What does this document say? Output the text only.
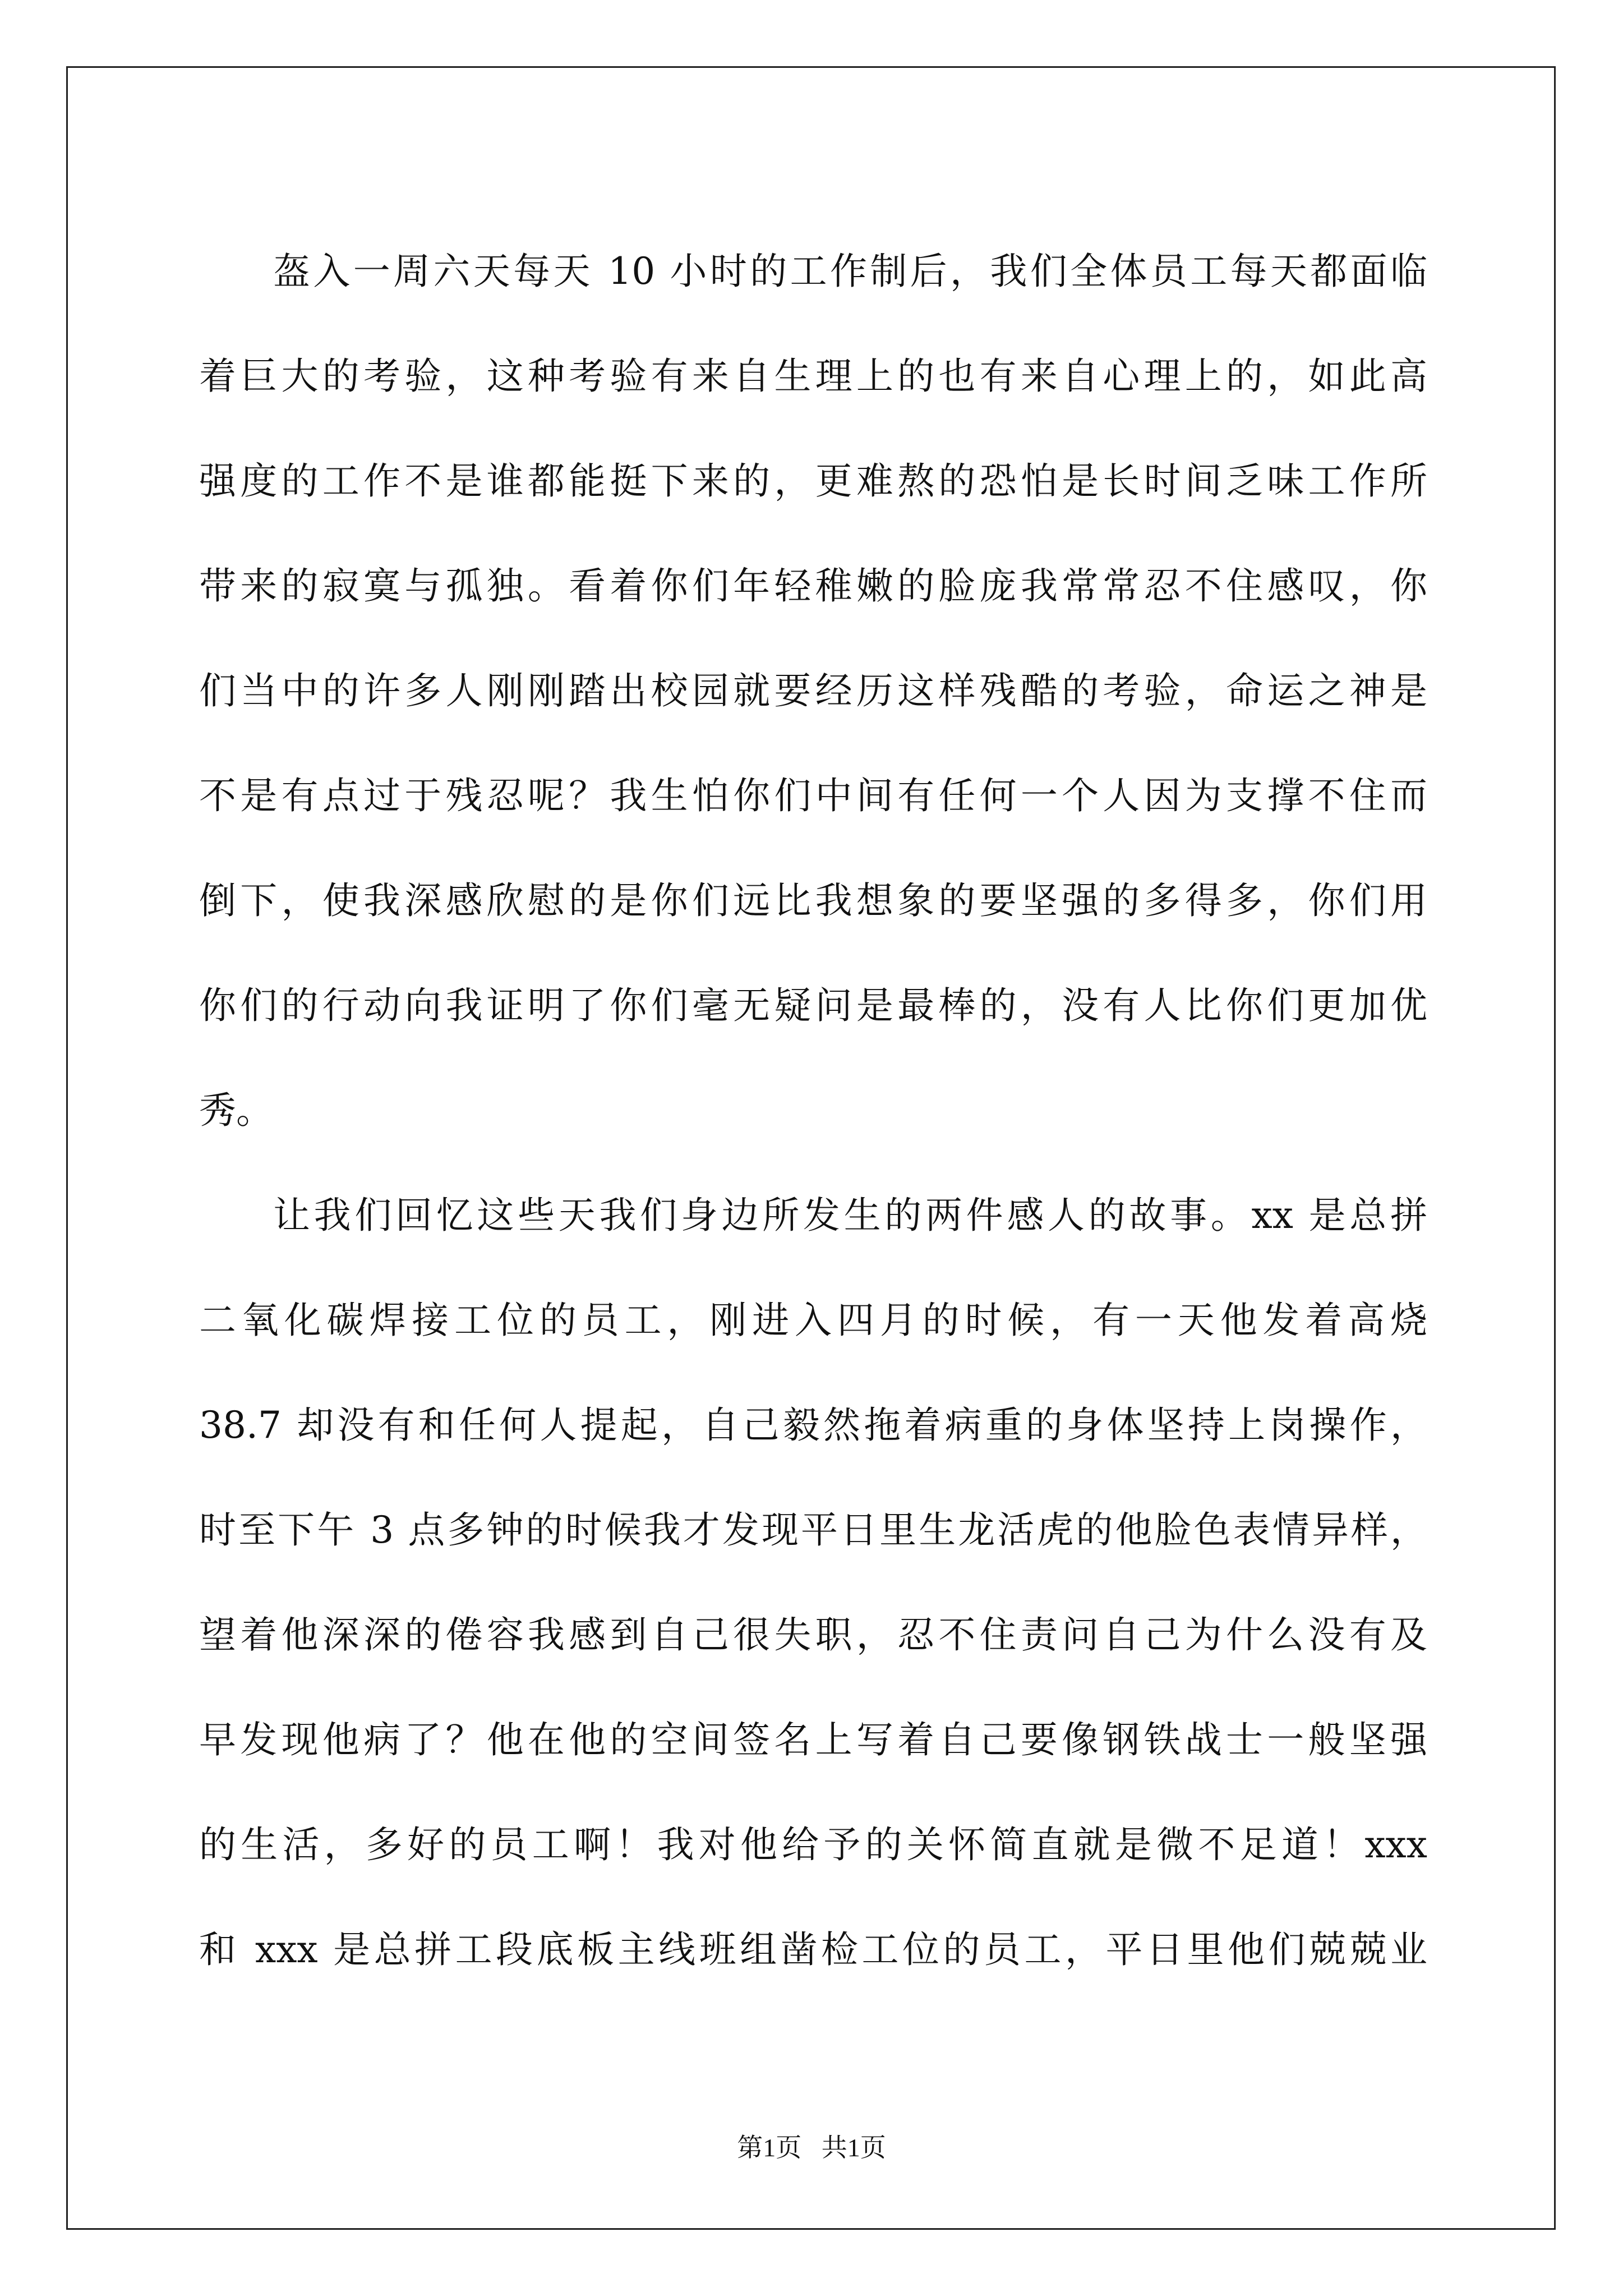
盔入一周六天每天 10 小时的工作制后，我们全体员工每天都面临
着巨大的考验，这种考验有来自生理上的也有来自心理上的，如此高
强度的工作不是谁都能挺下来的，更难熬的恐怕是长时间乏味工作所
带来的寂寞与孤独。看着你们年轻稚嫩的脸庞我常常忍不住感叹，你
们当中的许多人刚刚踏出校园就要经历这样残酷的考验，命运之神是
不是有点过于残忍呢？我生怕你们中间有任何一个人因为支撑不住而
倒下，使我深感欣慰的是你们远比我想象的要坚强的多得多，你们用
你们的行动向我证明了你们毫无疑问是最棒的，没有人比你们更加优
秀。
让我们回忆这些天我们身边所发生的两件感人的故事。xx 是总拼
二氧化碳焊接工位的员工，刚进入四月的时候，有一天他发着高烧
38.7 却没有和任何人提起，自己毅然拖着病重的身体坚持上岗操作，
时至下午 3 点多钟的时候我才发现平日里生龙活虎的他脸色表情异样，
望着他深深的倦容我感到自己很失职，忍不住责问自己为什么没有及
早发现他病了？他在他的空间签名上写着自己要像钢铁战士一般坚强
的生活，多好的员工啊！我对他给予的关怀简直就是微不足道！xxx
和 xxx 是总拼工段底板主线班组凿检工位的员工，平日里他们兢兢业
第1页 共1页
